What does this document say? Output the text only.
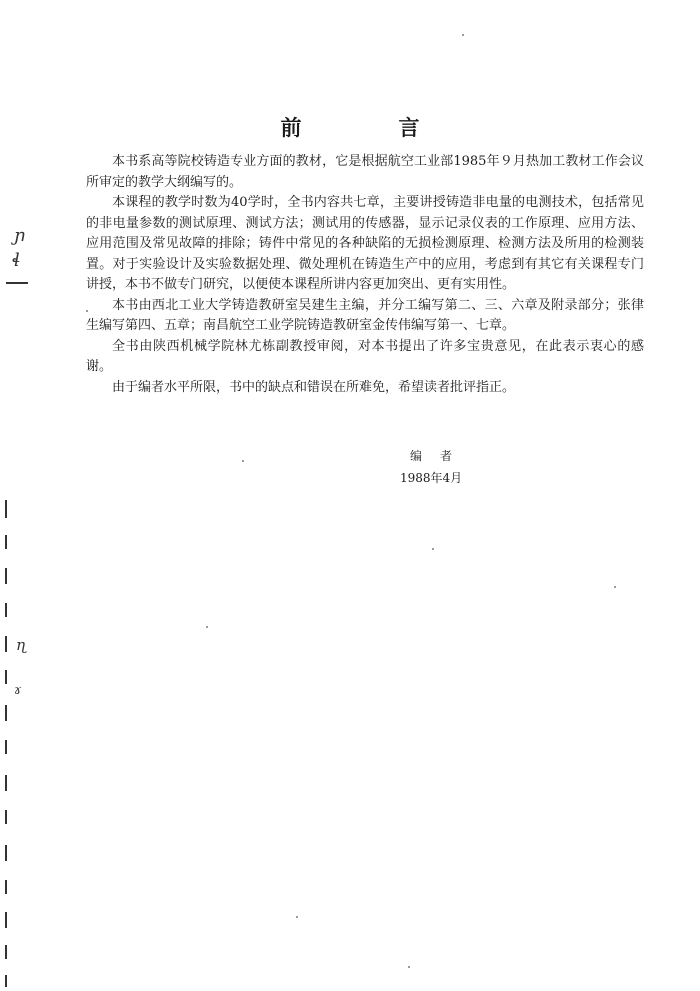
前　言

本书系高等院校铸造专业方面的教材，它是根据航空工业部1985年９月热加工教材工作会议所审定的教学大纲编写的。

本课程的教学时数为40学时，全书内容共七章，主要讲授铸造非电量的电测技术，包括常见的非电量参数的测试原理、测试方法；测试用的传感器，显示记录仪表的工作原理、应用方法、应用范围及常见故障的排除；铸件中常见的各种缺陷的无损检测原理、检测方法及所用的检测装置。对于实验设计及实验数据处理、微处理机在铸造生产中的应用，考虑到有其它有关课程专门讲授，本书不做专门研究，以便使本课程所讲内容更加突出、更有实用性。

本书由西北工业大学铸造教研室吴建生主编，并分工编写第二、三、六章及附录部分；张律生编写第四、五章；南昌航空工业学院铸造教研室金传伟编写第一、七章。

全书由陕西机械学院林尤栋副教授审阅，对本书提出了许多宝贵意见，在此表示衷心的感谢。

由于编者水平所限，书中的缺点和错误在所难免，希望读者批评指正。

编者
1988年4月
ɲ
ɬ
ɳ
ɤ
